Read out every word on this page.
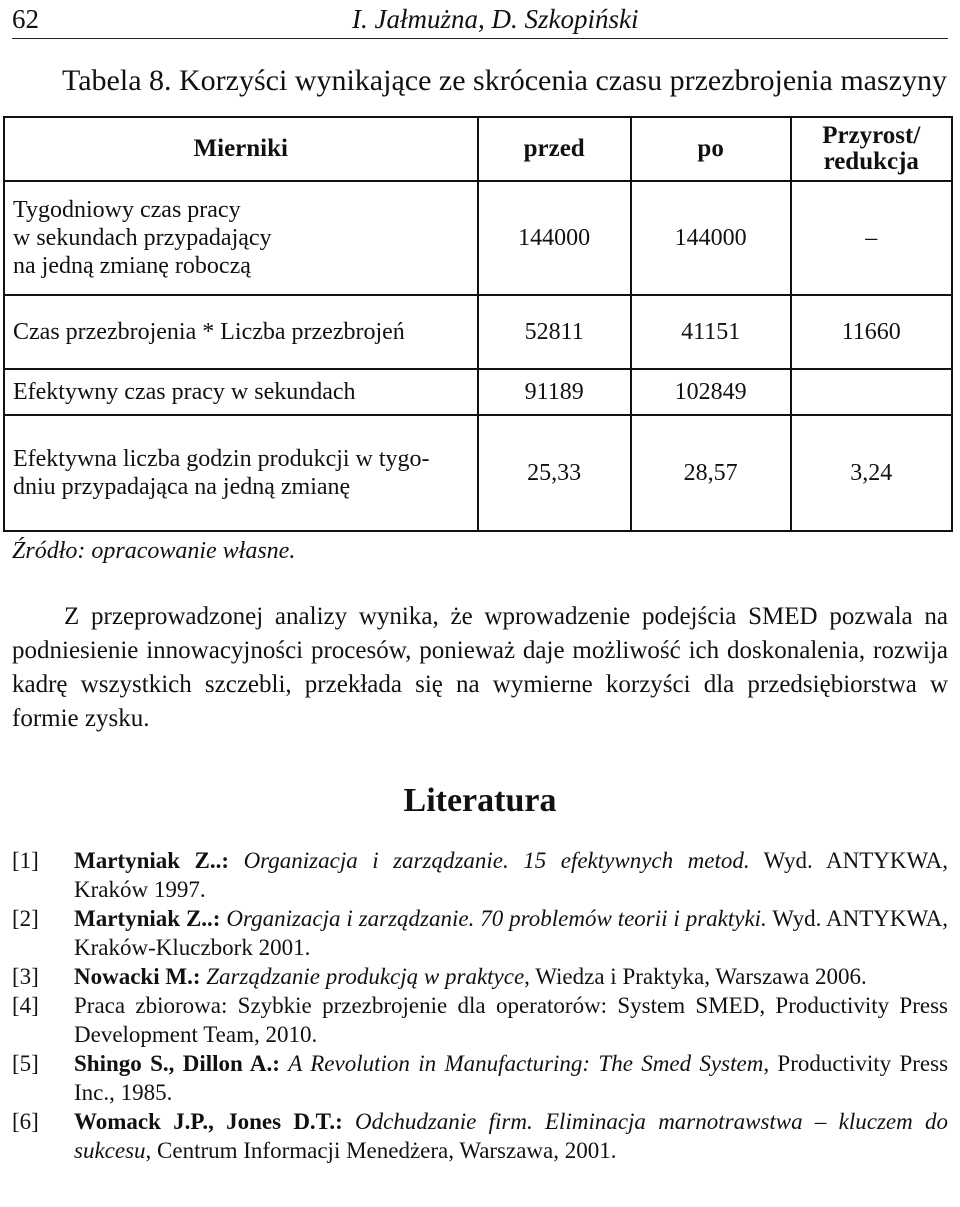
62	I. Jałmużna, D. Szkopiński
Tabela 8. Korzyści wynikające ze skrócenia czasu przezbrojenia maszyny
Mierniki	przed	po	Przyrost/ redukcja
Tygodniowy czas pracy
w sekundach przypadający
na jedną zmianę roboczą	144000	144000	–
Czas przezbrojenia * Liczba przezbrojeń	52811	41151	11660
Efektywny czas pracy w sekundach	91189	102849	
Efektywna liczba godzin produkcji w tygo-
dniu przypadająca na jedną zmianę	25,33	28,57	3,24
Źródło: opracowanie własne.
Z przeprowadzonej analizy wynika, że wprowadzenie podejścia SMED pozwala na podniesienie innowacyjności procesów, ponieważ daje możliwość ich doskonalenia, rozwija kadrę wszystkich szczebli, przekłada się na wymierne korzyści dla przedsiębiorstwa w formie zysku.
Literatura
[1] Martyniak Z..: Organizacja i zarządzanie. 15 efektywnych metod. Wyd. ANTYKWA, Kraków 1997.
[2] Martyniak Z..: Organizacja i zarządzanie. 70 problemów teorii i praktyki. Wyd. ANTYKWA, Kraków-Kluczbork 2001.
[3] Nowacki M.: Zarządzanie produkcją w praktyce, Wiedza i Praktyka, Warszawa 2006.
[4] Praca zbiorowa: Szybkie przezbrojenie dla operatorów: System SMED, Productivity Press Development Team, 2010.
[5] Shingo S., Dillon A.: A Revolution in Manufacturing: The Smed System, Productivity Press Inc., 1985.
[6] Womack J.P., Jones D.T.: Odchudzanie firm. Eliminacja marnotrawstwa – kluczem do sukcesu, Centrum Informacji Menedżera, Warszawa, 2001.
